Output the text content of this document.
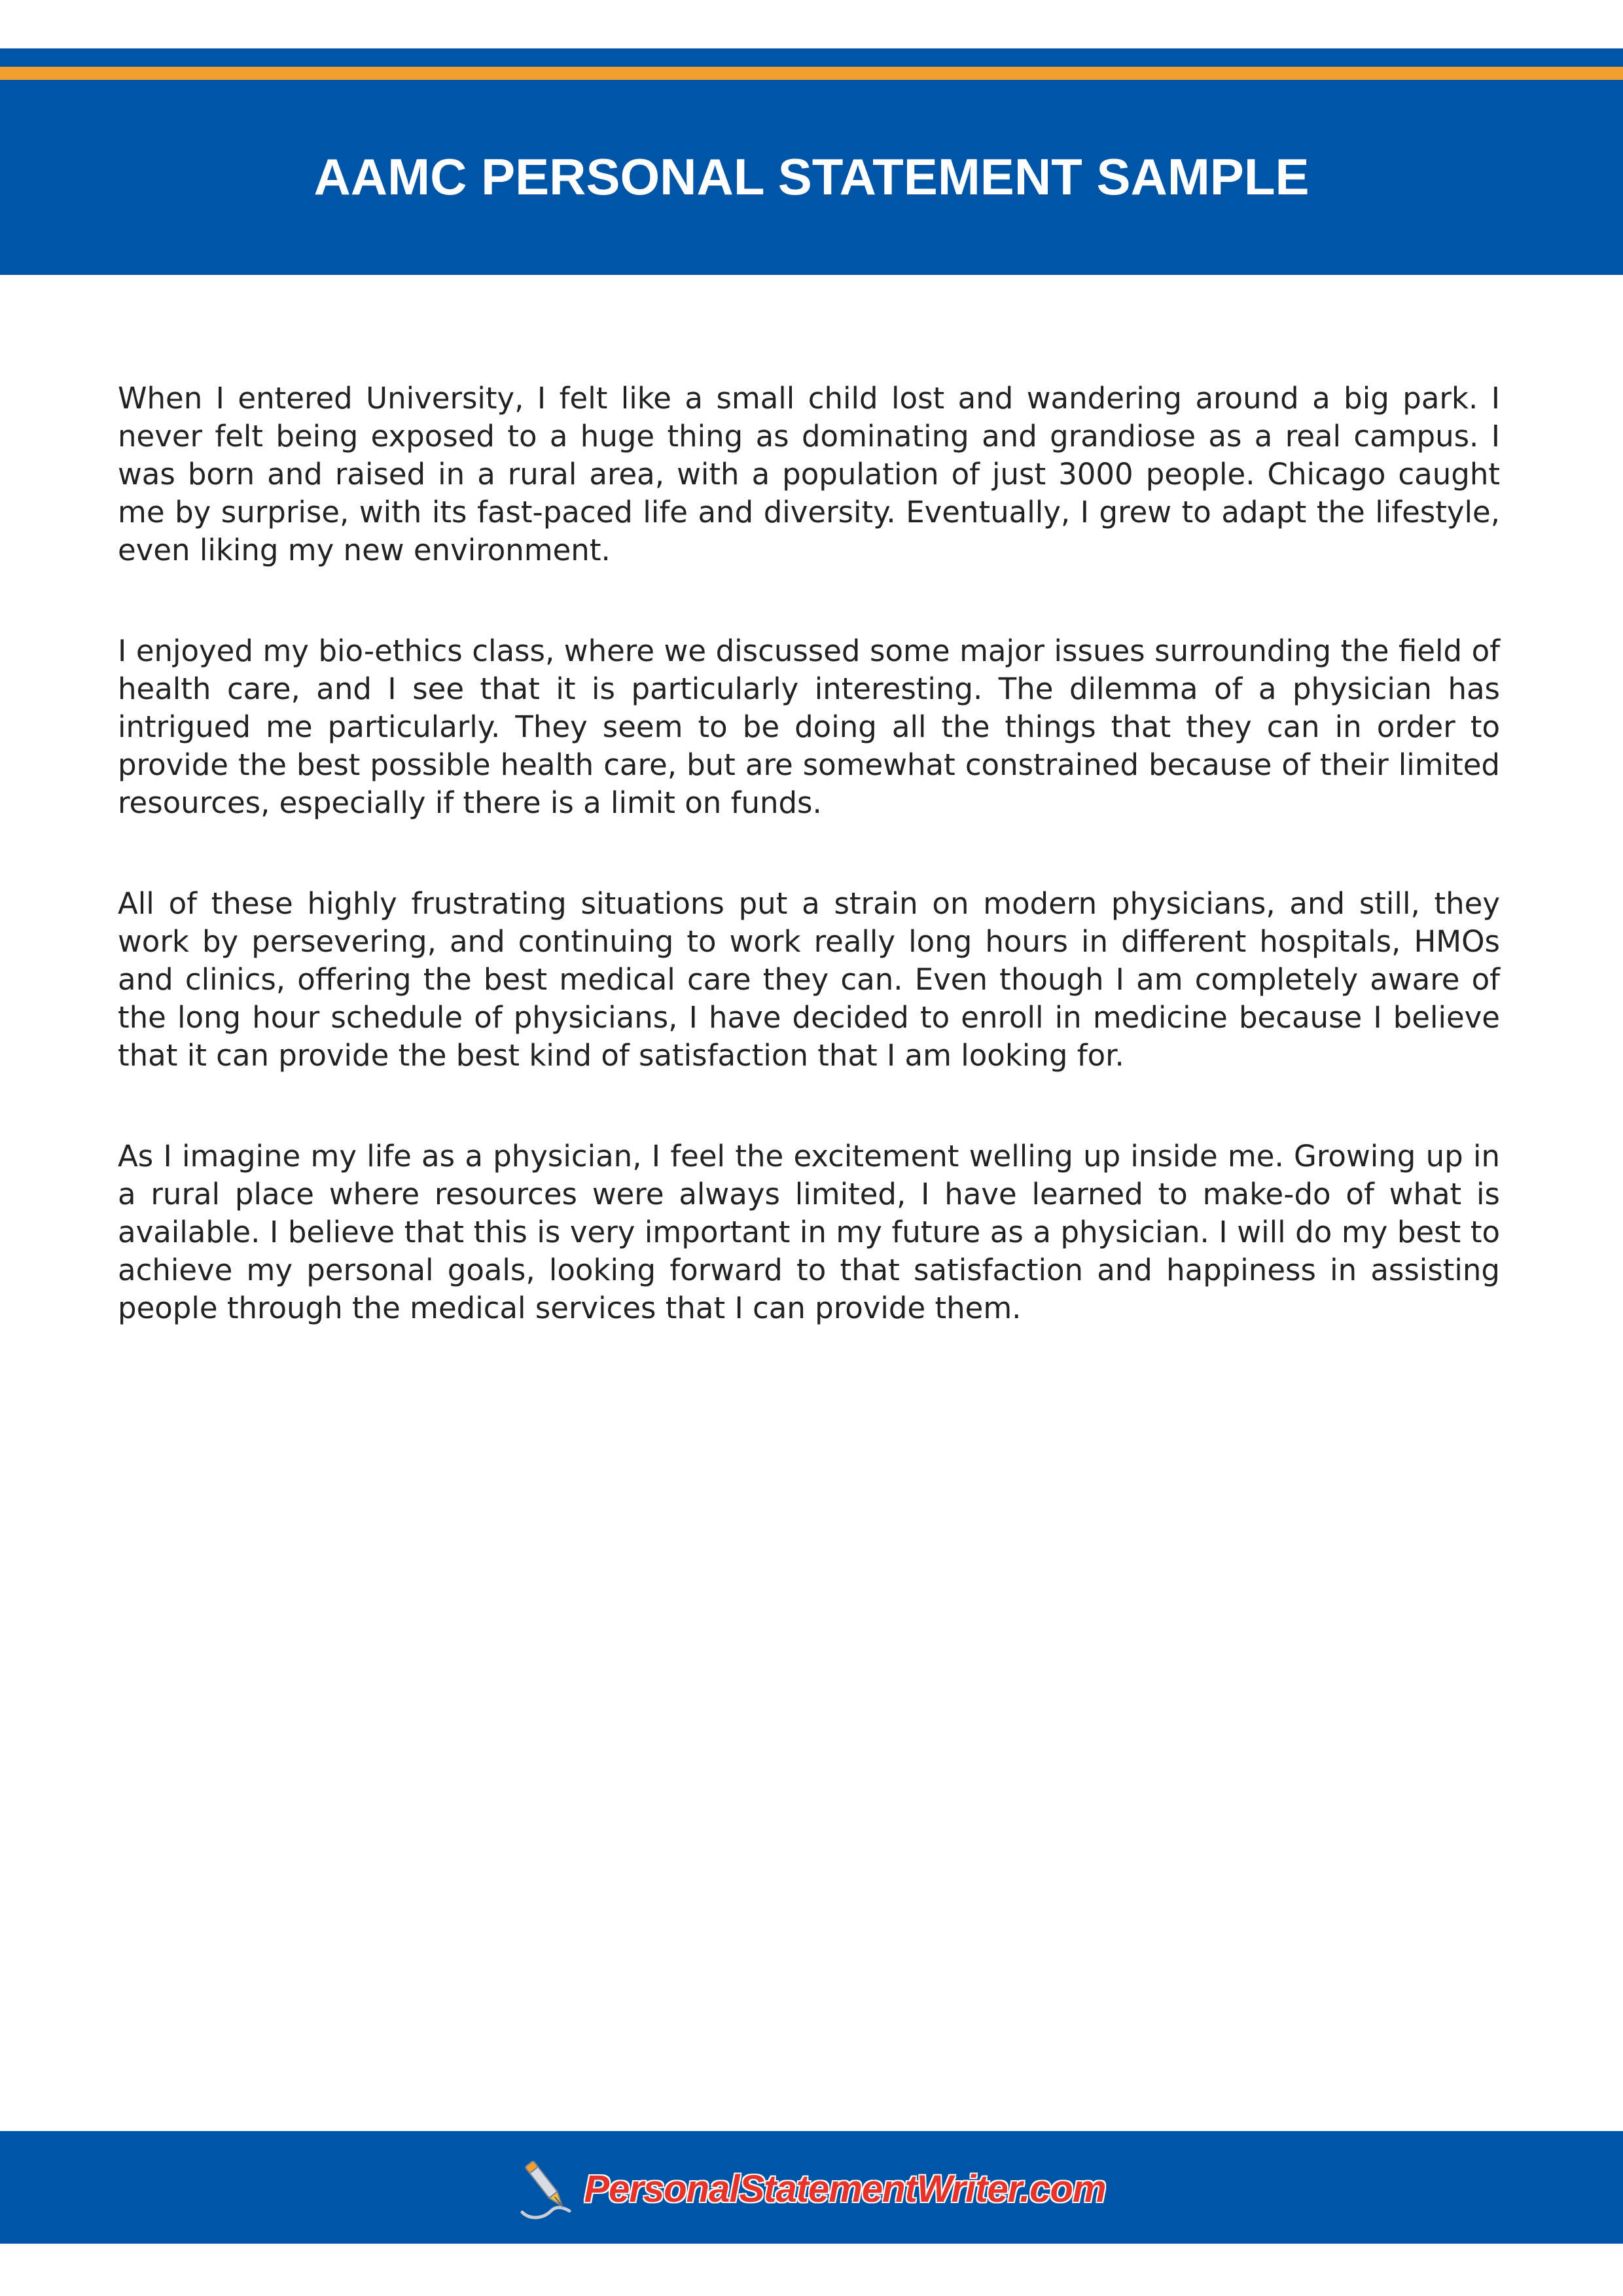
AAMC PERSONAL STATEMENT SAMPLE

When I entered University, I felt like a small child lost and wandering around a big park. I never felt being exposed to a huge thing as dominating and grandiose as a real campus. I was born and raised in a rural area, with a population of just 3000 people. Chicago caught me by surprise, with its fast-paced life and diversity. Eventually, I grew to adapt the lifestyle, even liking my new environment.

I enjoyed my bio-ethics class, where we discussed some major issues surrounding the field of health care, and I see that it is particularly interesting. The dilemma of a physician has intrigued me particularly. They seem to be doing all the things that they can in order to provide the best possible health care, but are somewhat constrained because of their limited resources, especially if there is a limit on funds.

All of these highly frustrating situations put a strain on modern physicians, and still, they work by persevering, and continuing to work really long hours in different hospitals, HMOs and clinics, offering the best medical care they can. Even though I am completely aware of the long hour schedule of physicians, I have decided to enroll in medicine because I believe that it can provide the best kind of satisfaction that I am looking for.

As I imagine my life as a physician, I feel the excitement welling up inside me. Growing up in a rural place where resources were always limited, I have learned to make-do of what is available. I believe that this is very important in my future as a physician. I will do my best to achieve my personal goals, looking forward to that satisfaction and happiness in assisting people through the medical services that I can provide them.

PersonalStatementWriter.com
